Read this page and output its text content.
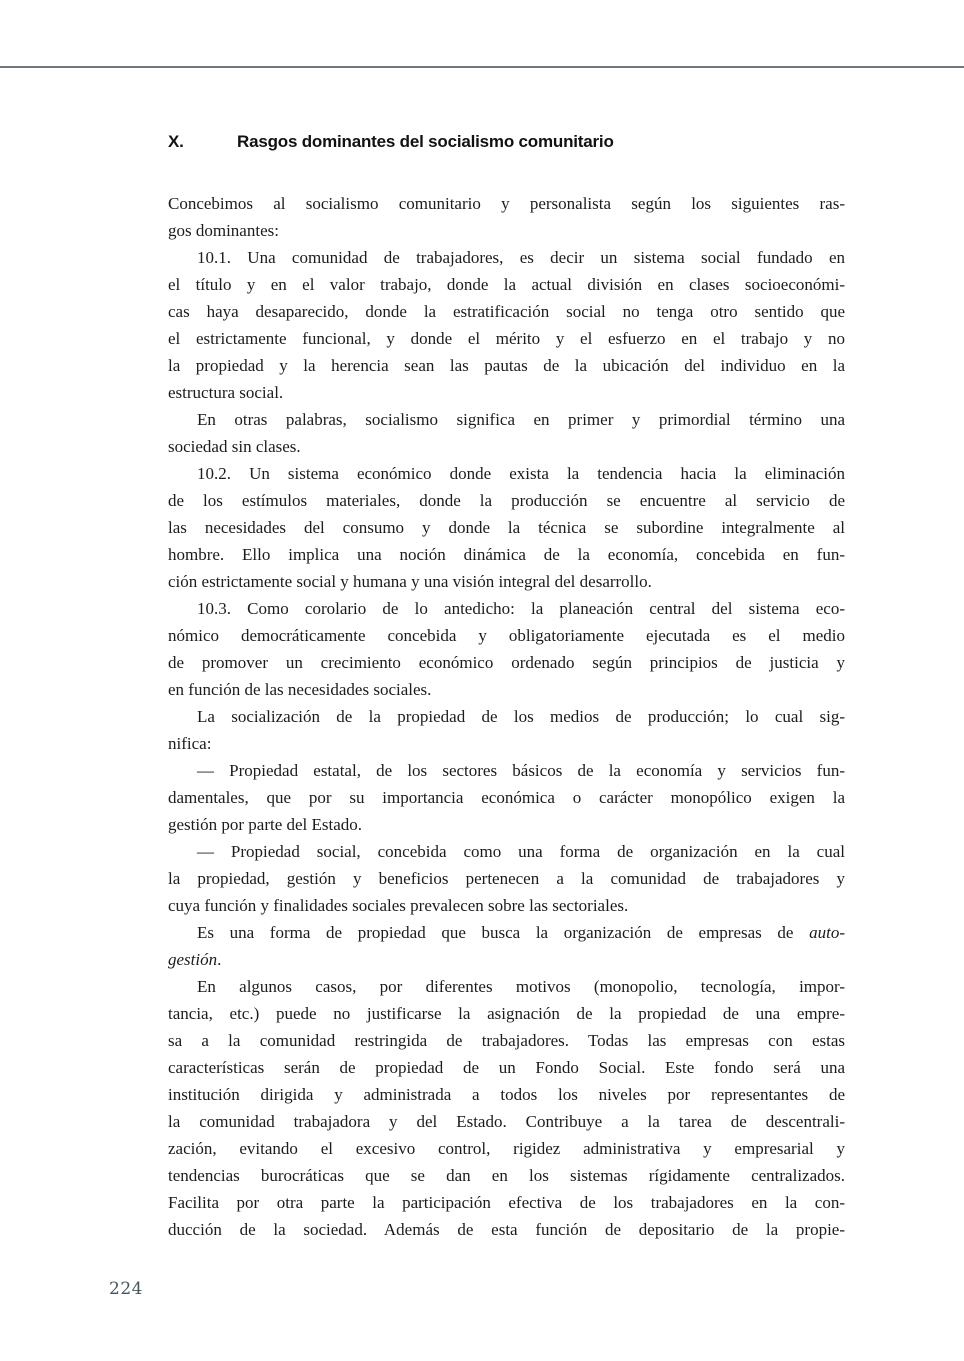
X.	Rasgos dominantes del socialismo comunitario
Concebimos al socialismo comunitario y personalista según los siguientes ras-
gos dominantes:
10.1. Una comunidad de trabajadores, es decir un sistema social fundado en
el título y en el valor trabajo, donde la actual división en clases socioeconómi-
cas haya desaparecido, donde la estratificación social no tenga otro sentido que
el estrictamente funcional, y donde el mérito y el esfuerzo en el trabajo y no
la propiedad y la herencia sean las pautas de la ubicación del individuo en la
estructura social.
En otras palabras, socialismo significa en primer y primordial término una
sociedad sin clases.
10.2. Un sistema económico donde exista la tendencia hacia la eliminación
de los estímulos materiales, donde la producción se encuentre al servicio de
las necesidades del consumo y donde la técnica se subordine integralmente al
hombre. Ello implica una noción dinámica de la economía, concebida en fun-
ción estrictamente social y humana y una visión integral del desarrollo.
10.3. Como corolario de lo antedicho: la planeación central del sistema eco-
nómico democráticamente concebida y obligatoriamente ejecutada es el medio
de promover un crecimiento económico ordenado según principios de justicia y
en función de las necesidades sociales.
La socialización de la propiedad de los medios de producción; lo cual sig-
nifica:
— Propiedad estatal, de los sectores básicos de la economía y servicios fun-
damentales, que por su importancia económica o carácter monopólico exigen la
gestión por parte del Estado.
— Propiedad social, concebida como una forma de organización en la cual
la propiedad, gestión y beneficios pertenecen a la comunidad de trabajadores y
cuya función y finalidades sociales prevalecen sobre las sectoriales.
Es una forma de propiedad que busca la organización de empresas de auto-
gestión.
En algunos casos, por diferentes motivos (monopolio, tecnología, impor-
tancia, etc.) puede no justificarse la asignación de la propiedad de una empre-
sa a la comunidad restringida de trabajadores. Todas las empresas con estas
características serán de propiedad de un Fondo Social. Este fondo será una
institución dirigida y administrada a todos los niveles por representantes de
la comunidad trabajadora y del Estado. Contribuye a la tarea de descentrali-
zación, evitando el excesivo control, rigidez administrativa y empresarial y
tendencias burocráticas que se dan en los sistemas rígidamente centralizados.
Facilita por otra parte la participación efectiva de los trabajadores en la con-
ducción de la sociedad. Además de esta función de depositario de la propie-
224
